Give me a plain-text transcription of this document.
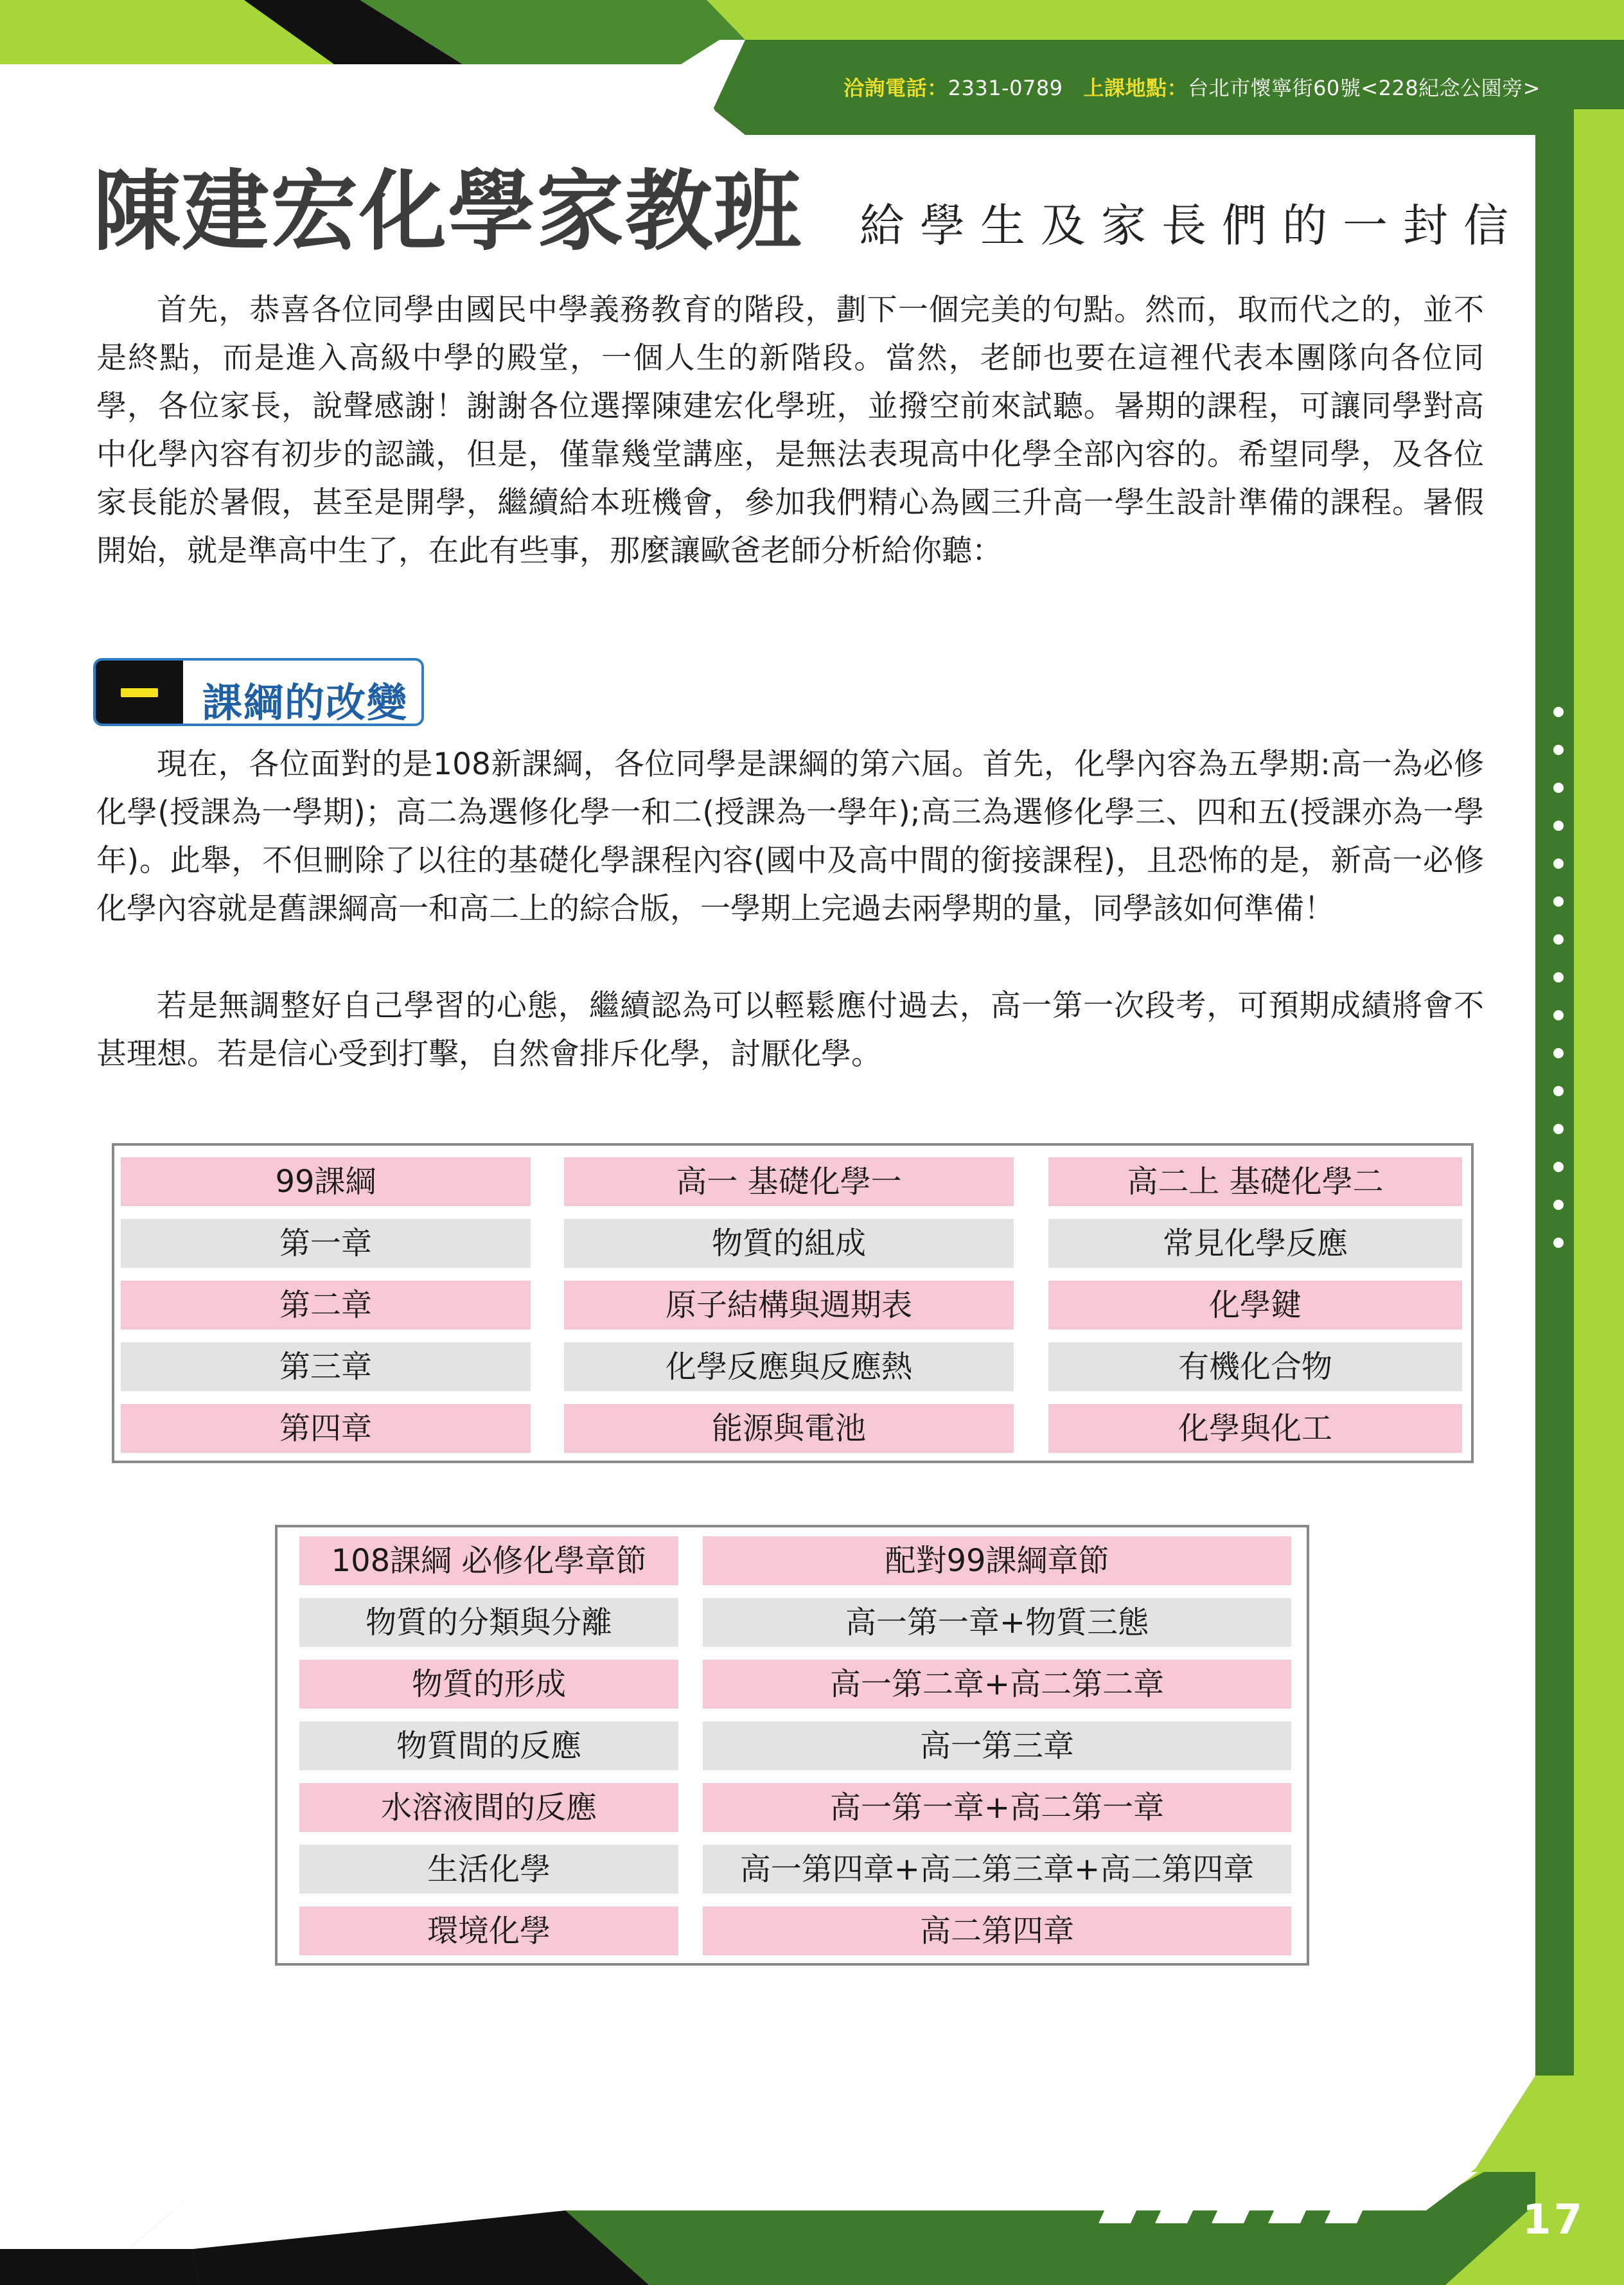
洽詢電話：2331-0789 上課地點：台北市懷寧街60號<228紀念公園旁>
陳建宏化學家教班 給學生及家長們的一封信

首先，恭喜各位同學由國民中學義務教育的階段，劃下一個完美的句點。然而，取而代之的，並不是終點，而是進入高級中學的殿堂，一個人生的新階段。當然，老師也要在這裡代表本團隊向各位同學，各位家長，說聲感謝！謝謝各位選擇陳建宏化學班，並撥空前來試聽。暑期的課程，可讓同學對高中化學內容有初步的認識，但是，僅靠幾堂講座，是無法表現高中化學全部內容的。希望同學，及各位家長能於暑假，甚至是開學，繼續給本班機會，參加我們精心為國三升高一學生設計準備的課程。暑假開始，就是準高中生了，在此有些事，那麼讓歐爸老師分析給你聽：

課綱的改變

現在，各位面對的是108新課綱，各位同學是課綱的第六屆。首先，化學內容為五學期:高一為必修化學(授課為一學期)；高二為選修化學一和二(授課為一學年);高三為選修化學三、四和五(授課亦為一學年)。此舉，不但刪除了以往的基礎化學課程內容(國中及高中間的銜接課程)，且恐怖的是，新高一必修化學內容就是舊課綱高一和高二上的綜合版，一學期上完過去兩學期的量，同學該如何準備！

若是無調整好自己學習的心態，繼續認為可以輕鬆應付過去，高一第一次段考，可預期成績將會不甚理想。若是信心受到打擊，自然會排斥化學，討厭化學。

99課綱	高一 基礎化學一	高二上 基礎化學二
第一章	物質的組成	常見化學反應
第二章	原子結構與週期表	化學鍵
第三章	化學反應與反應熱	有機化合物
第四章	能源與電池	化學與化工
108課綱 必修化學章節	配對99課綱章節
物質的分類與分離	高一第一章+物質三態
物質的形成	高一第二章+高二第二章
物質間的反應	高一第三章
水溶液間的反應	高一第一章+高二第一章
生活化學	高一第四章+高二第三章+高二第四章
環境化學	高二第四章
17
